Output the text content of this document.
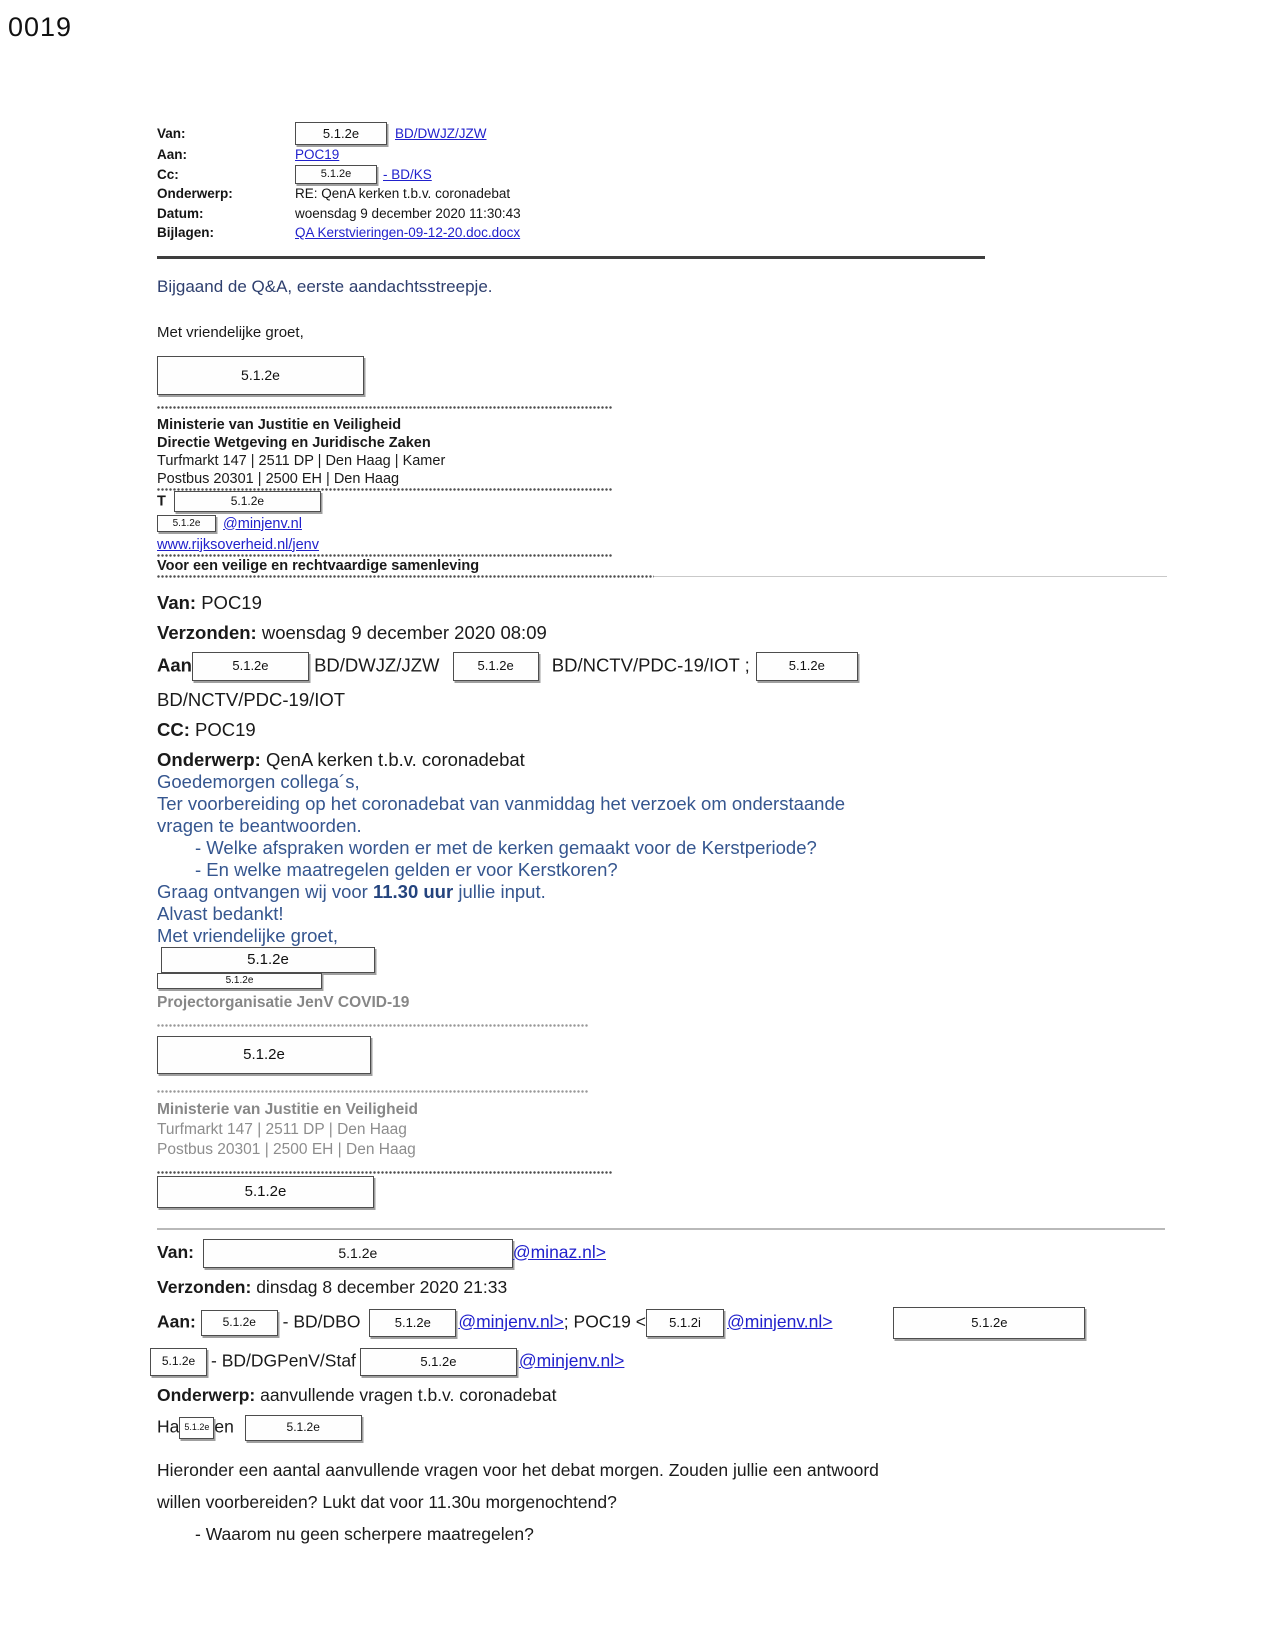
0019
Van:	5.1.2e	BD/DWJZ/JZW
Aan:	POC19
Cc:	5.1.2e	- BD/KS
Onderwerp:	RE: QenA kerken t.b.v. coronadebat
Datum:	woensdag 9 december 2020 11:30:43
Bijlagen:	QA Kerstvieringen-09-12-20.doc.docx

Bijgaand de Q&A, eerste aandachtsstreepje.

Met vriendelijke groet,

5.1.2e
Ministerie van Justitie en Veiligheid
Directie Wetgeving en Juridische Zaken
Turfmarkt 147 | 2511 DP | Den Haag | Kamer
Postbus 20301 | 2500 EH | Den Haag
T	5.1.2e
5.1.2e @minjenv.nl
www.rijksoverheid.nl/jenv
Voor een veilige en rechtvaardige samenleving
Van: POC19
Verzonden: woensdag 9 december 2020 08:09
Aan	5.1.2e BD/DWJZ/JZW	5.1.2e BD/NCTV/PDC-19/IOT ;	5.1.2e
BD/NCTV/PDC-19/IOT
CC: POC19
Onderwerp: QenA kerken t.b.v. coronadebat
Goedemorgen collega´s,
Ter voorbereiding op het coronadebat van vanmiddag het verzoek om onderstaande
vragen te beantwoorden.
- Welke afspraken worden er met de kerken gemaakt voor de Kerstperiode?
- En welke maatregelen gelden er voor Kerstkoren?
Graag ontvangen wij voor 11.30 uur jullie input.
Alvast bedankt!
Met vriendelijke groet,
5.1.2e
5.1.2e
Projectorganisatie JenV COVID-19
5.1.2e
Ministerie van Justitie en Veiligheid
Turfmarkt 147 | 2511 DP | Den Haag
Postbus 20301 | 2500 EH | Den Haag
5.1.2e
Van:	5.1.2e	@minaz.nl>
Verzonden: dinsdag 8 december 2020 21:33
Aan: 5.1.2e - BD/DBO	5.1.2e @minjenv.nl>; POC19 < 5.1.2i @minjenv.nl>	5.1.2e
5.1.2e - BD/DGPenV/Staf	5.1.2e	@minjenv.nl>
Onderwerp: aanvullende vragen t.b.v. coronadebat
Ha 5.1.2e en	5.1.2e
Hieronder een aantal aanvullende vragen voor het debat morgen. Zouden jullie een antwoord
willen voorbereiden? Lukt dat voor 11.30u morgenochtend?
- Waarom nu geen scherpere maatregelen?
